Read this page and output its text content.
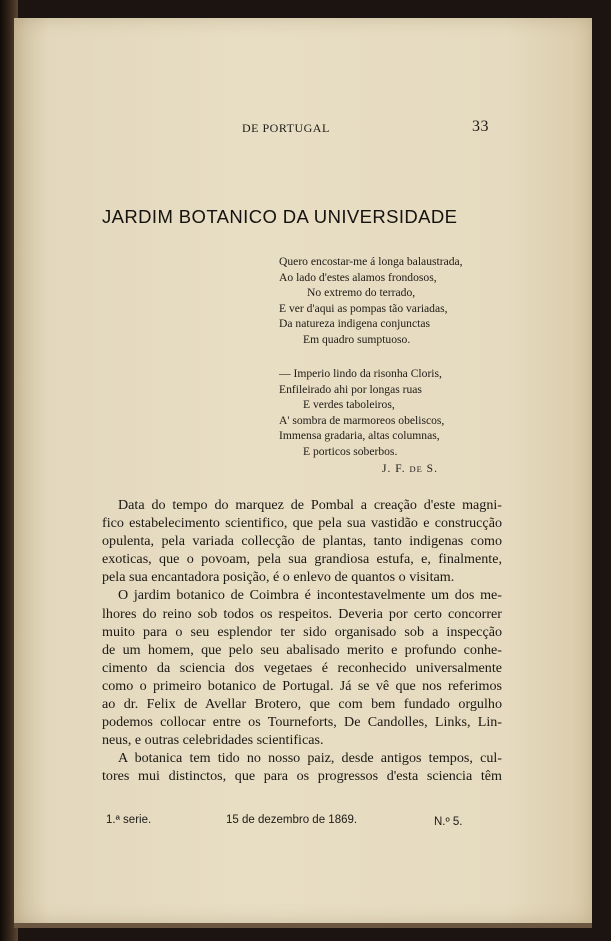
DE PORTUGAL	33
JARDIM BOTANICO DA UNIVERSIDADE
Quero encostar-me á longa balaustrada,
Ao lado d'estes alamos frondosos,
No extremo do terrado,
E ver d'aqui as pompas tão variadas,
Da natureza indigena conjunctas
Em quadro sumptuoso.
— Imperio lindo da risonha Cloris,
Enfileirado ahi por longas ruas
E verdes taboleiros,
A' sombra de marmoreos obeliscos,
Immensa gradaria, altas columnas,
E porticos soberbos.
J. F. DE S.
Data do tempo do marquez de Pombal a creação d'este magni-
fico estabelecimento scientifico, que pela sua vastidão e construcção
opulenta, pela variada collecção de plantas, tanto indigenas como
exoticas, que o povoam, pela sua grandiosa estufa, e, finalmente,
pela sua encantadora posição, é o enlevo de quantos o visitam.
O jardim botanico de Coimbra é incontestavelmente um dos me-
lhores do reino sob todos os respeitos. Deveria por certo concorrer
muito para o seu esplendor ter sido organisado sob a inspecção
de um homem, que pelo seu abalisado merito e profundo conhe-
cimento da sciencia dos vegetaes é reconhecido universalmente
como o primeiro botanico de Portugal. Já se vê que nos referimos
ao dr. Felix de Avellar Brotero, que com bem fundado orgulho
podemos collocar entre os Tourneforts, De Candolles, Links, Lin-
neus, e outras celebridades scientificas.
A botanica tem tido no nosso paiz, desde antigos tempos, cul-
tores mui distinctos, que para os progressos d'esta sciencia têm
1.ª serie.	15 de dezembro de 1869.	N.º 5.
